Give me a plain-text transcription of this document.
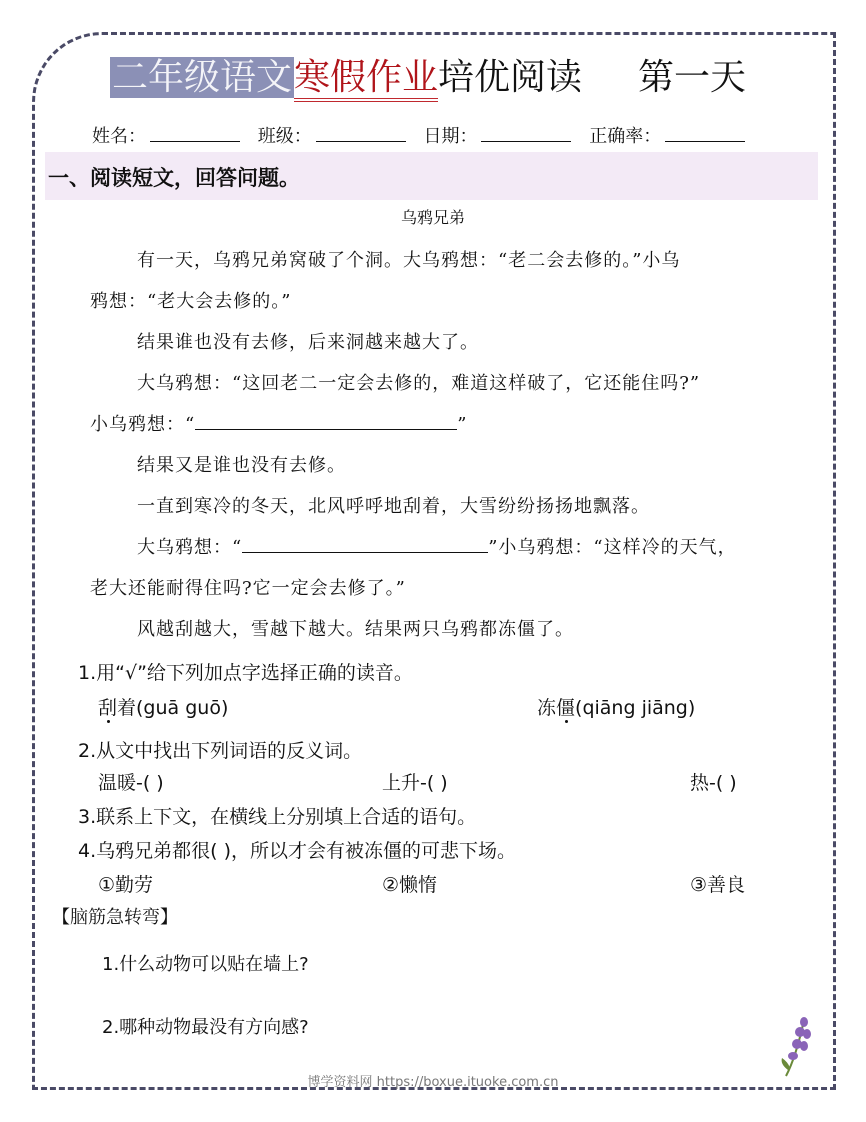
二年级语文寒假作业培优阅读 第一天
姓名：	班级：	日期：	正确率：
一、阅读短文，回答问题。
乌鸦兄弟
有一天，乌鸦兄弟窝破了个洞。大乌鸦想：“老二会去修的。”小乌
鸦想：“老大会去修的。”
结果谁也没有去修，后来洞越来越大了。
大乌鸦想：“这回老二一定会去修的，难道这样破了，它还能住吗?”
小乌鸦想：“	”
结果又是谁也没有去修。
一直到寒冷的冬天，北风呼呼地刮着，大雪纷纷扬扬地飘落。
大乌鸦想：“	”小乌鸦想：“这样冷的天气，
老大还能耐得住吗?它一定会去修了。”
风越刮越大，雪越下越大。结果两只乌鸦都冻僵了。
1.用“√”给下列加点字选择正确的读音。
刮着(guā guō)	冻僵(qiāng jiāng)
2.从文中找出下列词语的反义词。
温暖-( )	上升-( )	热-( )
3.联系上下文，在横线上分别填上合适的语句。
4.乌鸦兄弟都很( )，所以才会有被冻僵的可悲下场。
①勤劳	②懒惰	③善良
【脑筋急转弯】
1.什么动物可以贴在墙上?
2.哪种动物最没有方向感?
博学资料网 https://boxue.ituoke.com.cn
